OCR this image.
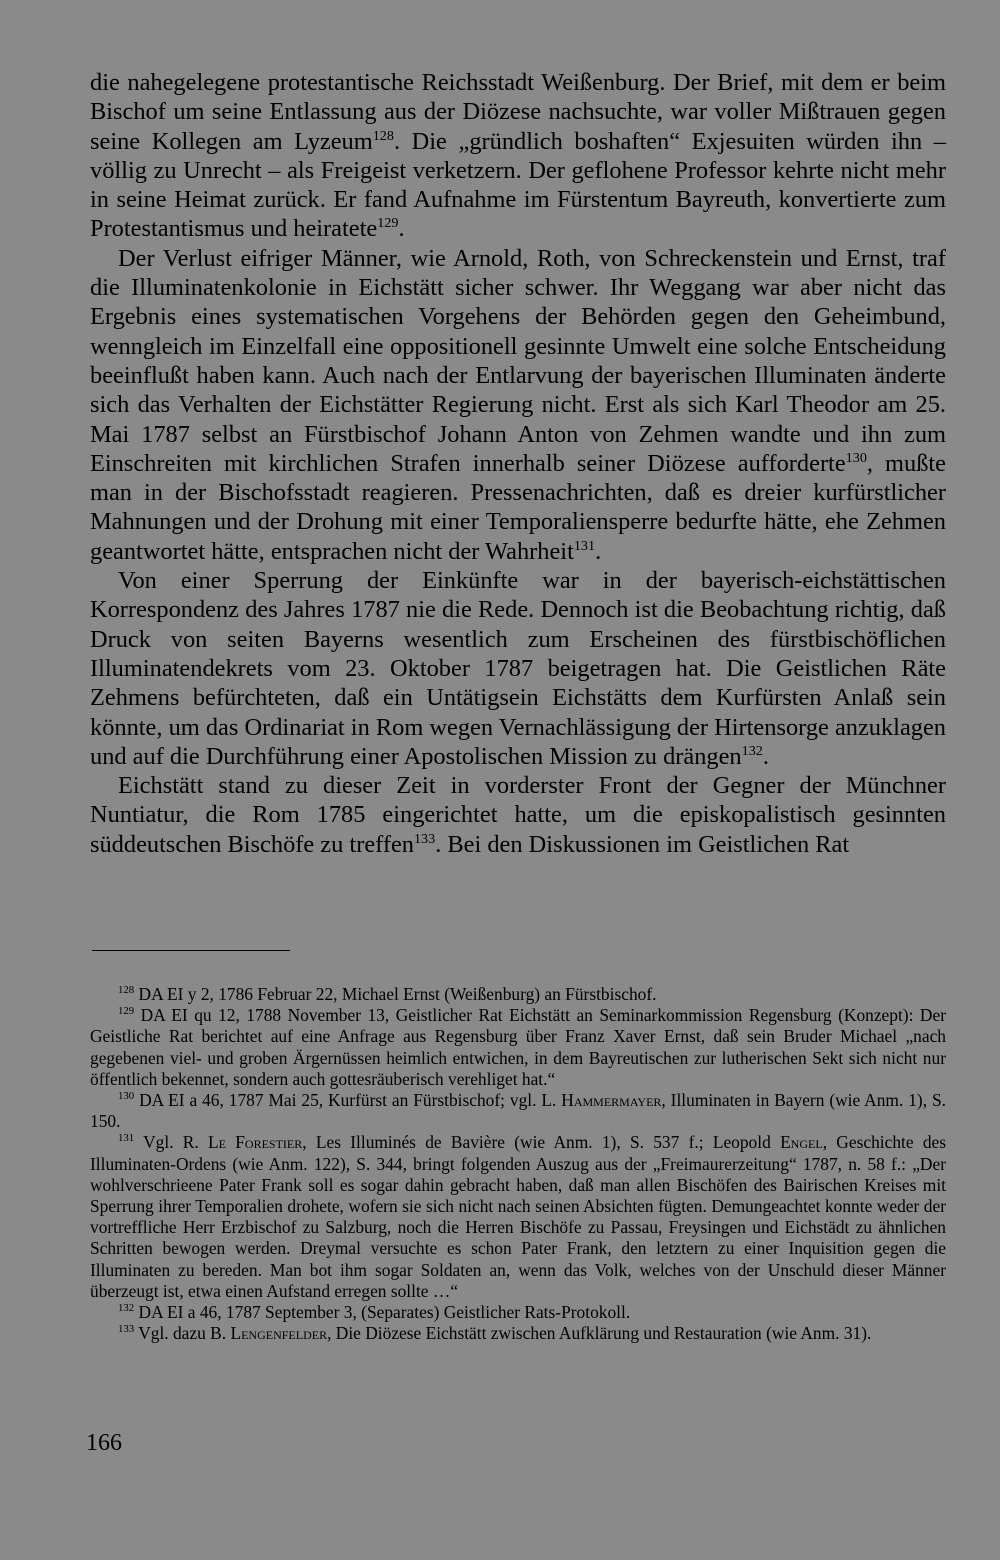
die nahegelegene protestantische Reichsstadt Weißenburg. Der Brief, mit dem er beim Bischof um seine Entlassung aus der Diözese nachsuchte, war voller Mißtrauen gegen seine Kollegen am Lyzeum$^{128}$. Die „gründlich boshaften“ Exjesuiten würden ihn – völlig zu Unrecht – als Freigeist verketzern. Der geflohene Professor kehrte nicht mehr in seine Heimat zurück. Er fand Aufnahme im Fürstentum Bayreuth, konvertierte zum Protestantismus und heiratete$^{129}$.

Der Verlust eifriger Männer, wie Arnold, Roth, von Schreckenstein und Ernst, traf die Illuminatenkolonie in Eichstätt sicher schwer. Ihr Weggang war aber nicht das Ergebnis eines systematischen Vorgehens der Behörden gegen den Geheimbund, wenngleich im Einzelfall eine oppositionell gesinnte Umwelt eine solche Entscheidung beeinflußt haben kann. Auch nach der Entlarvung der bayerischen Illuminaten änderte sich das Verhalten der Eichstätter Regierung nicht. Erst als sich Karl Theodor am 25. Mai 1787 selbst an Fürstbischof Johann Anton von Zehmen wandte und ihn zum Einschreiten mit kirchlichen Strafen innerhalb seiner Diözese aufforderte$^{130}$, mußte man in der Bischofsstadt reagieren. Pressenachrichten, daß es dreier kurfürstlicher Mahnungen und der Drohung mit einer Temporaliensperre bedurfte hätte, ehe Zehmen geantwortet hätte, entsprachen nicht der Wahrheit$^{131}$.

Von einer Sperrung der Einkünfte war in der bayerisch-eichstättischen Korrespondenz des Jahres 1787 nie die Rede. Dennoch ist die Beobachtung richtig, daß Druck von seiten Bayerns wesentlich zum Erscheinen des fürstbischöflichen Illuminatendekrets vom 23. Oktober 1787 beigetragen hat. Die Geistlichen Räte Zehmens befürchteten, daß ein Untätigsein Eichstätts dem Kurfürsten Anlaß sein könnte, um das Ordinariat in Rom wegen Vernachlässigung der Hirtensorge anzuklagen und auf die Durchführung einer Apostolischen Mission zu drängen$^{132}$.

Eichstätt stand zu dieser Zeit in vorderster Front der Gegner der Münchner Nuntiatur, die Rom 1785 eingerichtet hatte, um die episkopalistisch gesinnten süddeutschen Bischöfe zu treffen$^{133}$. Bei den Diskussionen im Geistlichen Rat

$^{128}$ DA EI y 2, 1786 Februar 22, Michael Ernst (Weißenburg) an Fürstbischof.

$^{129}$ DA EI qu 12, 1788 November 13, Geistlicher Rat Eichstätt an Seminarkommission Regensburg (Konzept): Der Geistliche Rat berichtet auf eine Anfrage aus Regensburg über Franz Xaver Ernst, daß sein Bruder Michael „nach gegebenen viel- und groben Ärgernüssen heimlich entwichen, in dem Bayreutischen zur lutherischen Sekt sich nicht nur öffentlich bekennet, sondern auch gottesräuberisch verehliget hat.“

$^{130}$ DA EI a 46, 1787 Mai 25, Kurfürst an Fürstbischof; vgl. L. Hammermayer, Illuminaten in Bayern (wie Anm. 1), S. 150.

$^{131}$ Vgl. R. Le Forestier, Les Illuminés de Bavière (wie Anm. 1), S. 537 f.; Leopold Engel, Geschichte des Illuminaten-Ordens (wie Anm. 122), S. 344, bringt folgenden Auszug aus der „Freimaurerzeitung“ 1787, n. 58 f.: „Der wohlverschrieene Pater Frank soll es sogar dahin gebracht haben, daß man allen Bischöfen des Bairischen Kreises mit Sperrung ihrer Temporalien drohete, wofern sie sich nicht nach seinen Absichten fügten. Demungeachtet konnte weder der vortreffliche Herr Erzbischof zu Salzburg, noch die Herren Bischöfe zu Passau, Freysingen und Eichstädt zu ähnlichen Schritten bewogen werden. Dreymal versuchte es schon Pater Frank, den letztern zu einer Inquisition gegen die Illuminaten zu bereden. Man bot ihm sogar Soldaten an, wenn das Volk, welches von der Unschuld dieser Männer überzeugt ist, etwa einen Aufstand erregen sollte …“

$^{132}$ DA EI a 46, 1787 September 3, (Separates) Geistlicher Rats-Protokoll.

$^{133}$ Vgl. dazu B. Lengenfelder, Die Diözese Eichstätt zwischen Aufklärung und Restauration (wie Anm. 31).

166
